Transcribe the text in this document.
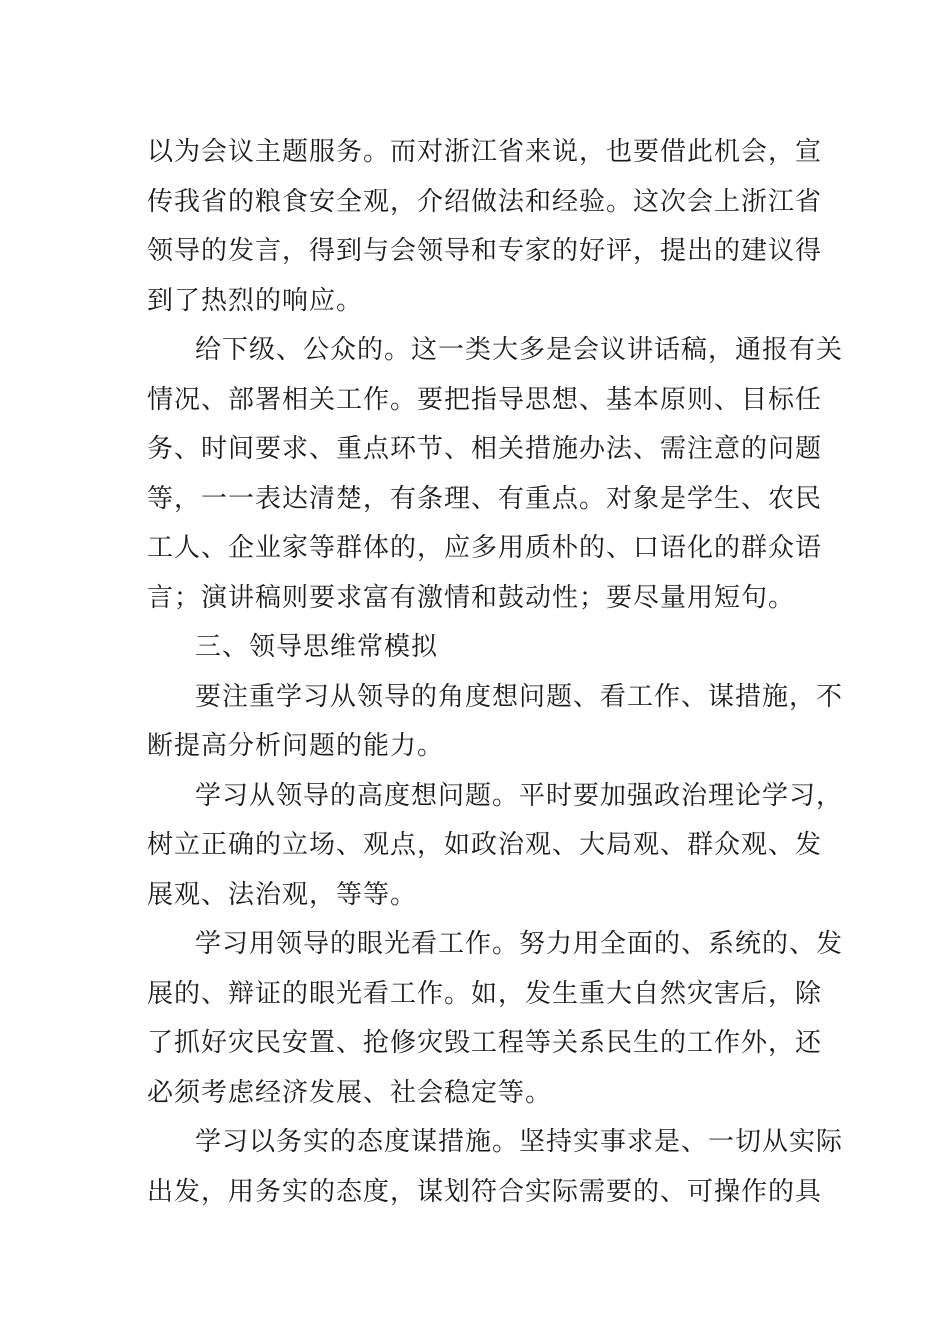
以为会议主题服务。而对浙江省来说，也要借此机会，宣
传我省的粮食安全观，介绍做法和经验。这次会上浙江省
领导的发言，得到与会领导和专家的好评，提出的建议得
到了热烈的响应。
给下级、公众的。这一类大多是会议讲话稿，通报有关
情况、部署相关工作。要把指导思想、基本原则、目标任
务、时间要求、重点环节、相关措施办法、需注意的问题
等，一一表达清楚，有条理、有重点。对象是学生、农民
工人、企业家等群体的，应多用质朴的、口语化的群众语
言；演讲稿则要求富有激情和鼓动性；要尽量用短句。
三、领导思维常模拟
要注重学习从领导的角度想问题、看工作、谋措施，不
断提高分析问题的能力。
学习从领导的高度想问题。平时要加强政治理论学习，
树立正确的立场、观点，如政治观、大局观、群众观、发
展观、法治观，等等。
学习用领导的眼光看工作。努力用全面的、系统的、发
展的、辩证的眼光看工作。如，发生重大自然灾害后，除
了抓好灾民安置、抢修灾毁工程等关系民生的工作外，还
必须考虑经济发展、社会稳定等。
学习以务实的态度谋措施。坚持实事求是、一切从实际
出发，用务实的态度，谋划符合实际需要的、可操作的具
